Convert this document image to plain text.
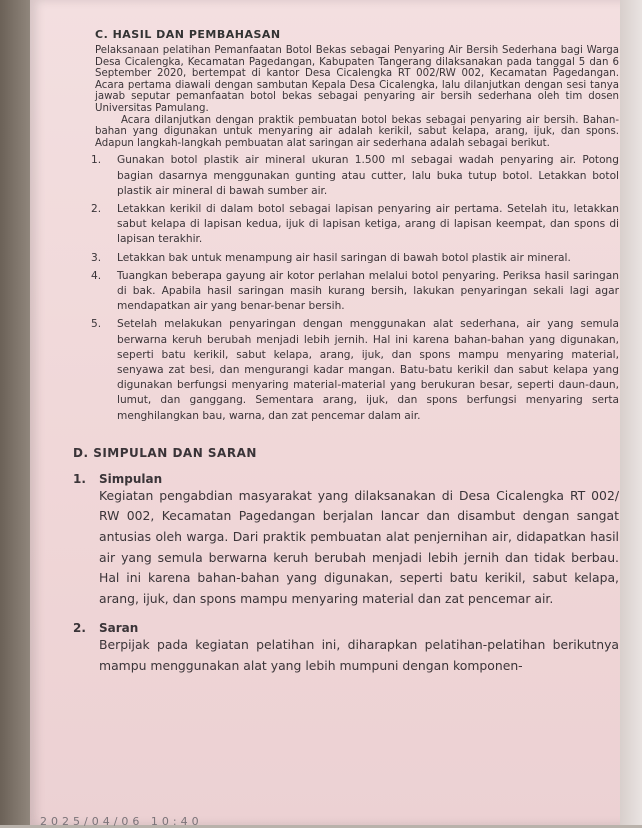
C. HASIL DAN PEMBAHASAN

Pelaksanaan pelatihan Pemanfaatan Botol Bekas sebagai Penyaring Air Bersih Sederhana bagi Warga Desa Cicalengka, Kecamatan Pagedangan, Kabupaten Tangerang dilaksanakan pada tanggal 5 dan 6 September 2020, bertempat di kantor Desa Cicalengka RT 002/RW 002, Kecamatan Pagedangan. Acara pertama diawali dengan sambutan Kepala Desa Cicalengka, lalu dilanjutkan dengan sesi tanya jawab seputar pemanfaatan botol bekas sebagai penyaring air bersih sederhana oleh tim dosen Universitas Pamulang.

Acara dilanjutkan dengan praktik pembuatan botol bekas sebagai penyaring air bersih. Bahan-bahan yang digunakan untuk menyaring air adalah kerikil, sabut kelapa, arang, ijuk, dan spons. Adapun langkah-langkah pembuatan alat saringan air sederhana adalah sebagai berikut.

1.	Gunakan botol plastik air mineral ukuran 1.500 ml sebagai wadah penyaring air. Potong bagian dasarnya menggunakan gunting atau cutter, lalu buka tutup botol. Letakkan botol plastik air mineral di bawah sumber air.
2.	Letakkan kerikil di dalam botol sebagai lapisan penyaring air pertama. Setelah itu, letakkan sabut kelapa di lapisan kedua, ijuk di lapisan ketiga, arang di lapisan keempat, dan spons di lapisan terakhir.
3.	Letakkan bak untuk menampung air hasil saringan di bawah botol plastik air mineral.
4.	Tuangkan beberapa gayung air kotor perlahan melalui botol penyaring. Periksa hasil saringan di bak. Apabila hasil saringan masih kurang bersih, lakukan penyaringan sekali lagi agar mendapatkan air yang benar-benar bersih.
5.	Setelah melakukan penyaringan dengan menggunakan alat sederhana, air yang semula berwarna keruh berubah menjadi lebih jernih. Hal ini karena bahan-bahan yang digunakan, seperti batu kerikil, sabut kelapa, arang, ijuk, dan spons mampu menyaring material, senyawa zat besi, dan mengurangi kadar mangan. Batu-batu kerikil dan sabut kelapa yang digunakan berfungsi menyaring material-material yang berukuran besar, seperti daun-daun, lumut, dan ganggang. Sementara arang, ijuk, dan spons berfungsi menyaring serta menghilangkan bau, warna, dan zat pencemar dalam air.
D. SIMPULAN DAN SARAN
1.	Simpulan

Kegiatan pengabdian masyarakat yang dilaksanakan di Desa Cicalengka RT 002/ RW 002, Kecamatan Pagedangan berjalan lancar dan disambut dengan sangat antusias oleh warga. Dari praktik pembuatan alat penjernihan air, didapatkan hasil air yang semula berwarna keruh berubah menjadi lebih jernih dan tidak berbau. Hal ini karena bahan-bahan yang digunakan, seperti batu kerikil, sabut kelapa, arang, ijuk, dan spons mampu menyaring material dan zat pencemar air.

2.	Saran

Berpijak pada kegiatan pelatihan ini, diharapkan pelatihan-pelatihan berikutnya mampu menggunakan alat yang lebih mumpuni dengan komponen-

2025/04/06 10:40
